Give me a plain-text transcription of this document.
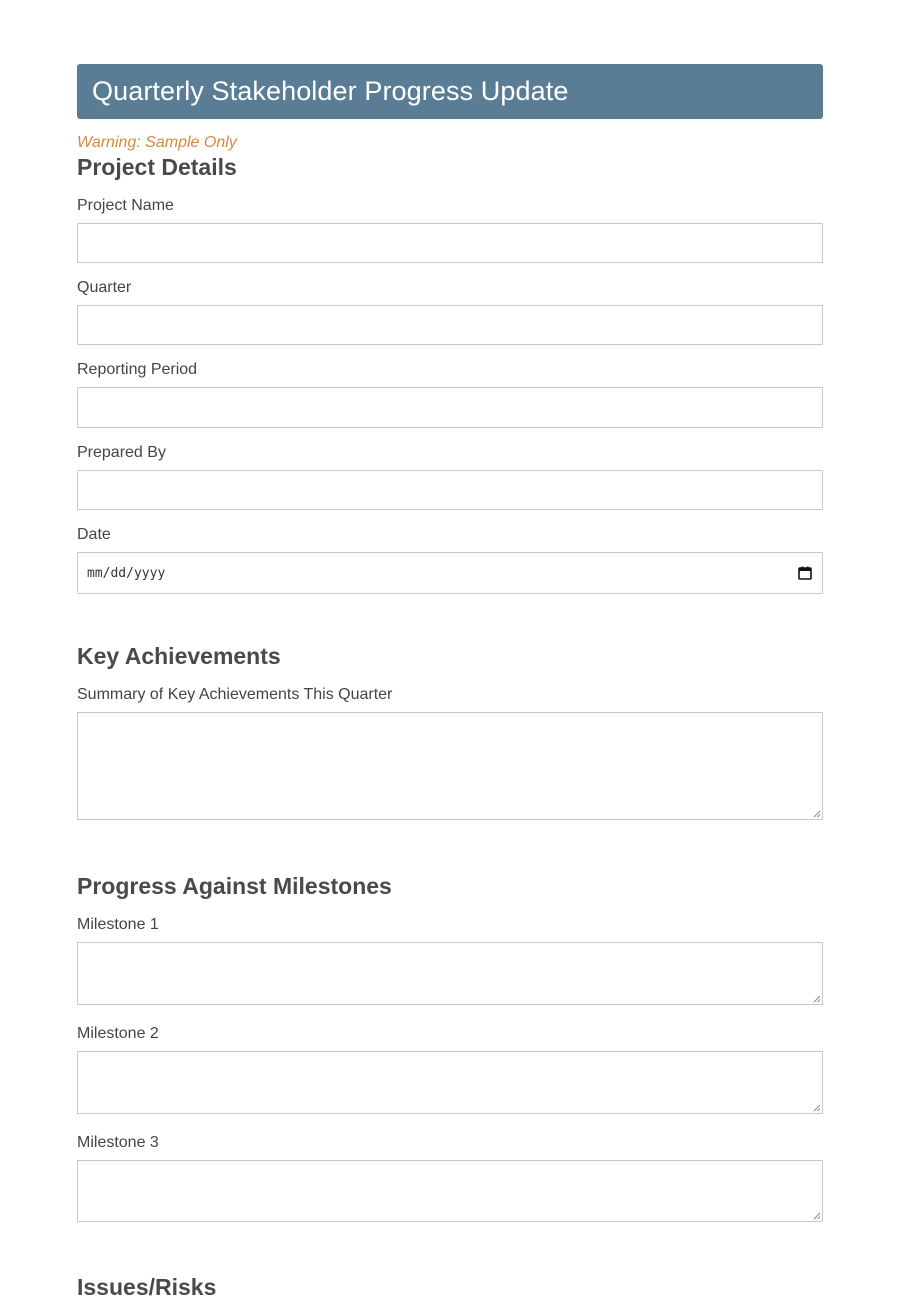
Quarterly Stakeholder Progress Update
Warning: Sample Only
Project Details
Project Name
Quarter
Reporting Period
Prepared By
Date
mm/dd/yyyy
Key Achievements
Summary of Key Achievements This Quarter
Progress Against Milestones
Milestone 1
Milestone 2
Milestone 3
Issues/Risks
